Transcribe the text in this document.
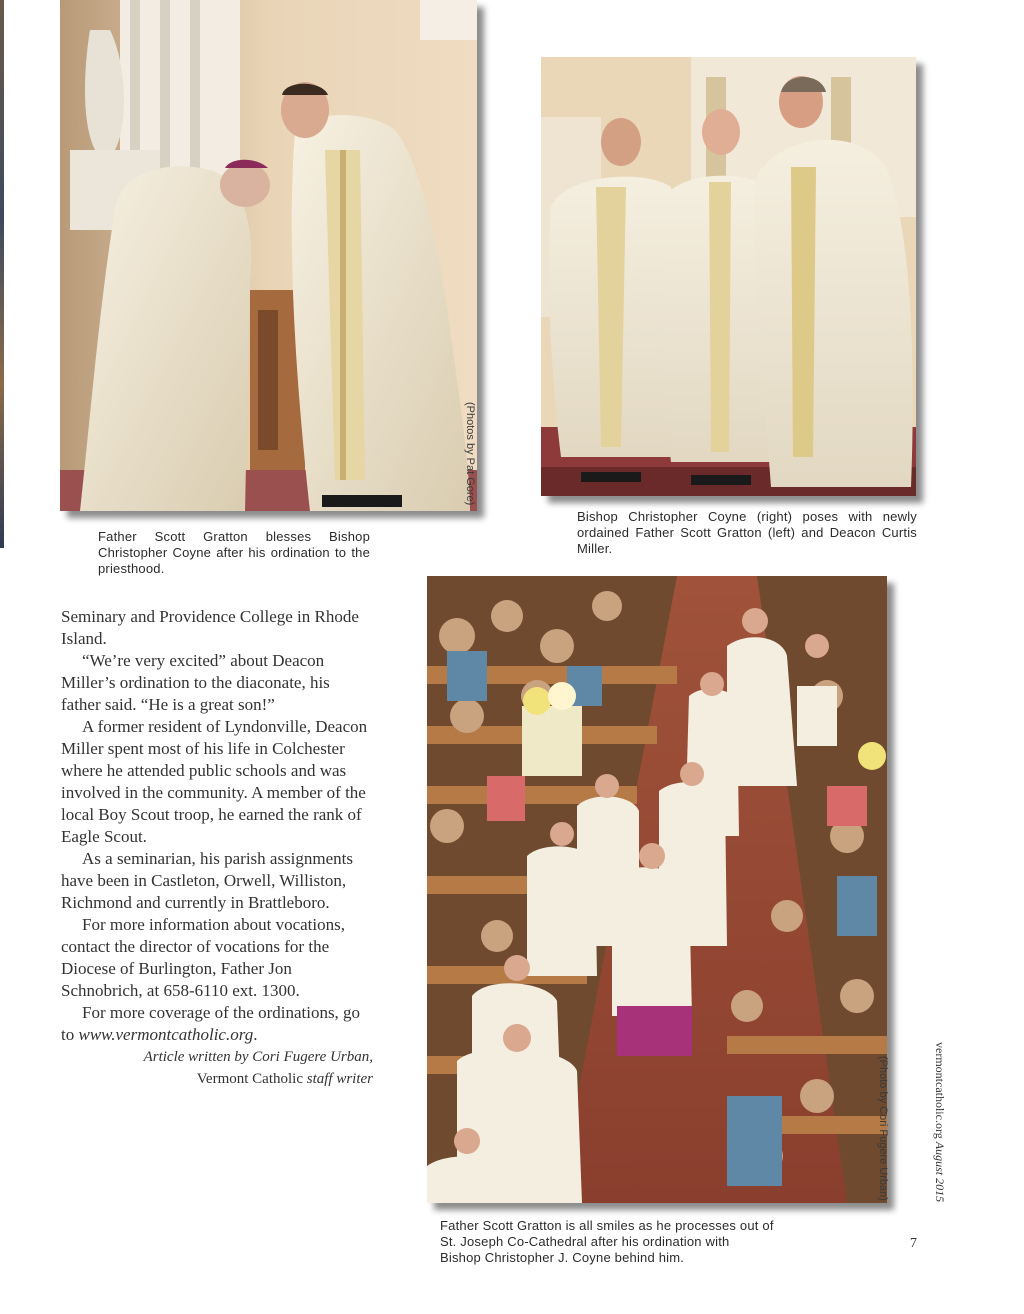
(Photos by Pat Gore)
Father Scott Gratton blesses Bishop Christopher Coyne after his ordination to the priesthood.
Bishop Christopher Coyne (right) poses with newly ordained Father Scott Gratton (left) and Deacon Curtis Miller.
(Photo by Cori Fugere Urban)
Father Scott Gratton is all smiles as he processes out of
St. Joseph Co-Cathedral after his ordination with
Bishop Christopher J. Coyne behind him.

Seminary and Providence College in Rhode Island.

“We’re very excited” about Deacon Miller’s ordination to the diaconate, his father said. “He is a great son!”

A former resident of Lyndonville, Deacon Miller spent most of his life in Colchester where he attended public schools and was involved in the community. A member of the local Boy Scout troop, he earned the rank of Eagle Scout.

As a seminarian, his parish assignments have been in Castleton, Orwell, Williston, Richmond and currently in Brattleboro.

For more information about vocations, contact the director of vocations for the Diocese of Burlington, Father Jon Schnobrich, at 658-6110 ext. 1300.

For more coverage of the ordinations, go to www.vermontcatholic.org.

Article written by Cori Fugere Urban,
Vermont Catholic staff writer	vermontcatholic.org August 2015
7
